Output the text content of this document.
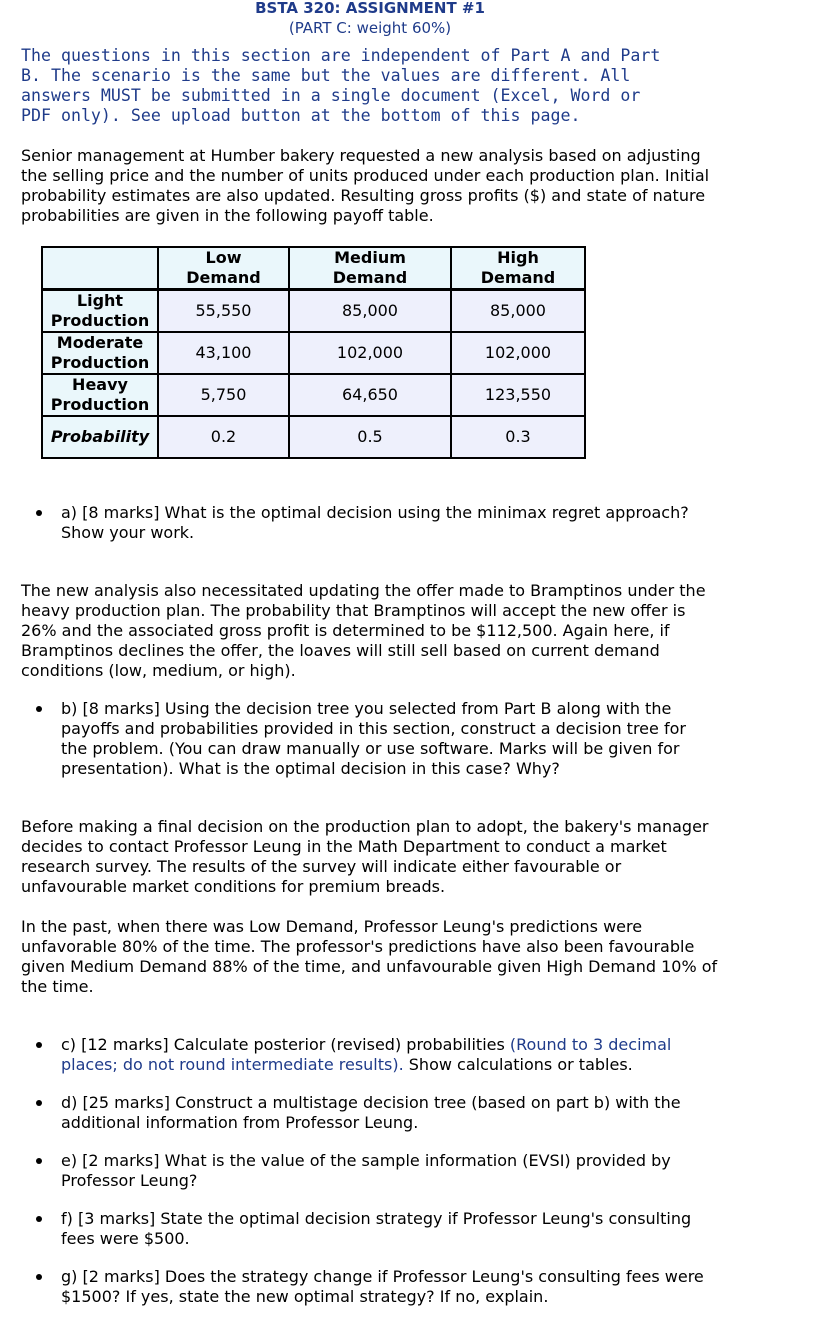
BSTA 320: ASSIGNMENT #1
(PART C: weight 60%)
The questions in this section are independent of Part A and Part
B. The scenario is the same but the values are different. All
answers MUST be submitted in a single document (Excel, Word or
PDF only). See upload button at the bottom of this page.
Senior management at Humber bakery requested a new analysis based on adjusting
the selling price and the number of units produced under each production plan. Initial
probability estimates are also updated. Resulting gross profits ($) and state of nature
probabilities are given in the following payoff table.
	Low Demand	Medium Demand	High Demand

Light
Production	55,550	85,000	85,000

Moderate
Production	43,100	102,000	102,000

Heavy
Production	5,750	64,650	123,550
Probability	0.2	0.5	0.3
a) [8 marks] What is the optimal decision using the minimax regret approach?
Show your work.
The new analysis also necessitated updating the offer made to Bramptinos under the
heavy production plan. The probability that Bramptinos will accept the new offer is
26% and the associated gross profit is determined to be $112,500. Again here, if
Bramptinos declines the offer, the loaves will still sell based on current demand
conditions (low, medium, or high).
b) [8 marks] Using the decision tree you selected from Part B along with the
payoffs and probabilities provided in this section, construct a decision tree for
the problem. (You can draw manually or use software. Marks will be given for
presentation). What is the optimal decision in this case? Why?
Before making a final decision on the production plan to adopt, the bakery's manager
decides to contact Professor Leung in the Math Department to conduct a market
research survey. The results of the survey will indicate either favourable or
unfavourable market conditions for premium breads.
In the past, when there was Low Demand, Professor Leung's predictions were
unfavorable 80% of the time. The professor's predictions have also been favourable
given Medium Demand 88% of the time, and unfavourable given High Demand 10% of
the time.
c) [12 marks] Calculate posterior (revised) probabilities (Round to 3 decimal
places; do not round intermediate results). Show calculations or tables.
d) [25 marks] Construct a multistage decision tree (based on part b) with the
additional information from Professor Leung.
e) [2 marks] What is the value of the sample information (EVSI) provided by
Professor Leung?
f) [3 marks] State the optimal decision strategy if Professor Leung's consulting
fees were $500.
g) [2 marks] Does the strategy change if Professor Leung's consulting fees were
$1500? If yes, state the new optimal strategy? If no, explain.
